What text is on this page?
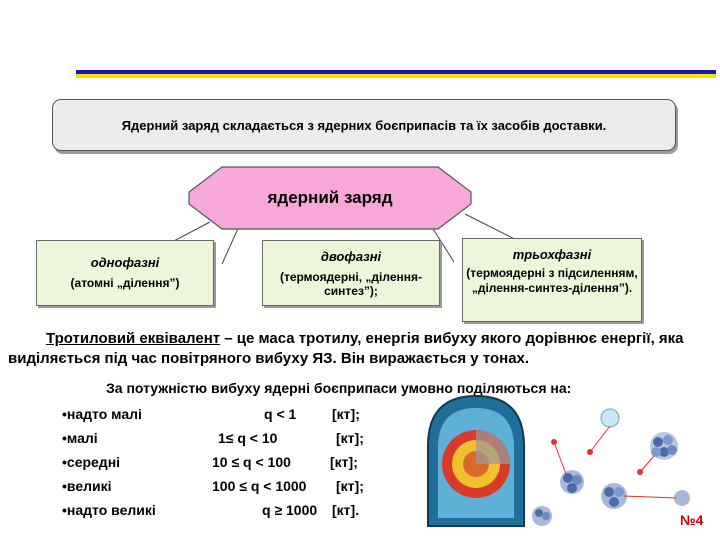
Ядерний заряд складається з ядерних боєприпасів та їх засобів доставки.
ядерний заряд
однофазні
(атомні „ділення”)
двофазні
(термоядерні, „ділення-синтез”);
трьохфазні
(термоядерні з підсиленням, „ділення-синтез-ділення”).
Тротиловий еквівалент – це маса тротилу, енергія вибуху якого дорівнює енергії, яка виділяється під час повітряного вибуху ЯЗ. Він виражається у тонах.
За потужністю вибуху ядерні боєприпаси умовно поділяються на:
•надто малі	q < 1	[кт];
•малі	1≤ q < 10	[кт];
•середні	10 ≤ q < 100	[кт];
•великі	100 ≤ q < 1000 [кт];
•надто великі	q ≥ 1000 [кт].
№4
